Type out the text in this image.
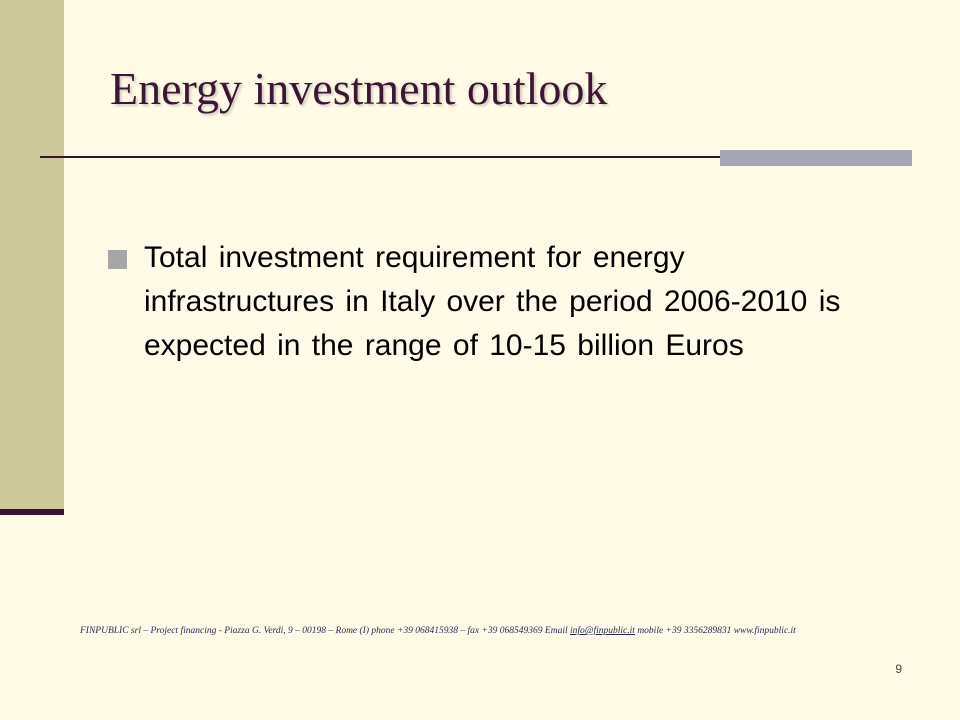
Energy investment outlook
Total investment requirement for energy infrastructures in Italy over the period 2006-2010 is expected in the range of 10-15 billion Euros
FINPUBLIC srl – Project financing - Piazza G. Verdi, 9 – 00198 – Rome (I) phone +39 068415938 – fax +39 068549369 Email info@finpublic.it mobile +39 3356289831 www.finpublic.it
9
